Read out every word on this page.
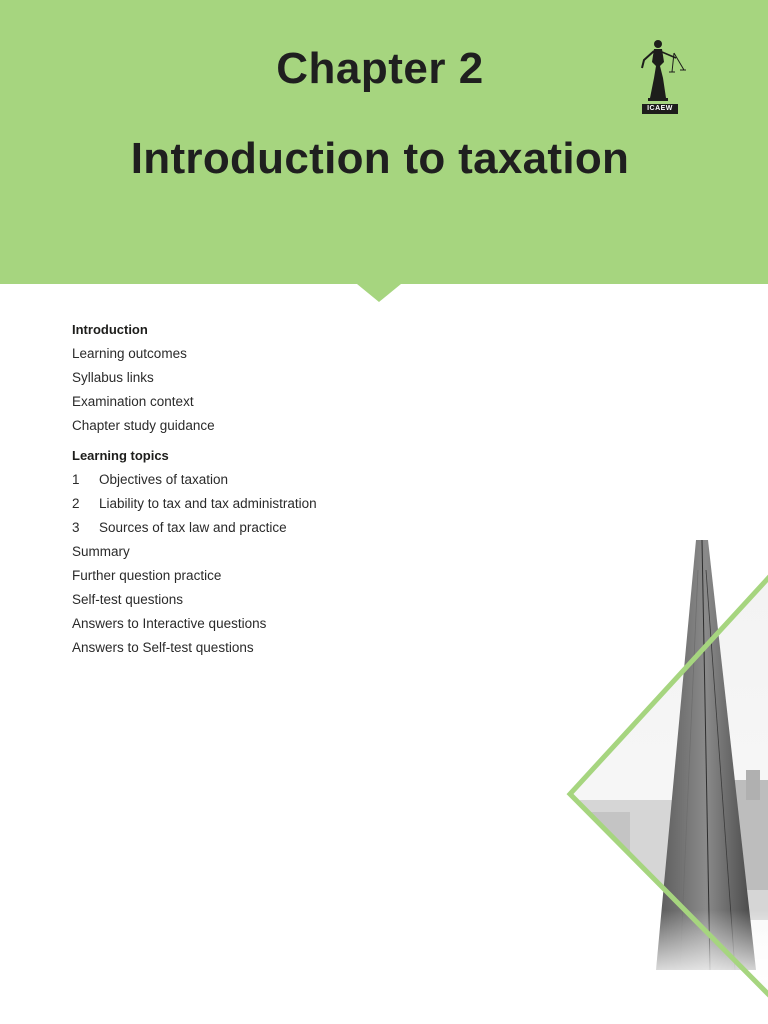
Chapter 2
Introduction to taxation
ICAEW
Introduction
Learning outcomes
Syllabus links
Examination context
Chapter study guidance
Learning topics
1 Objectives of taxation
2 Liability to tax and tax administration
3 Sources of tax law and practice
Summary
Further question practice
Self-test questions
Answers to Interactive questions
Answers to Self-test questions
